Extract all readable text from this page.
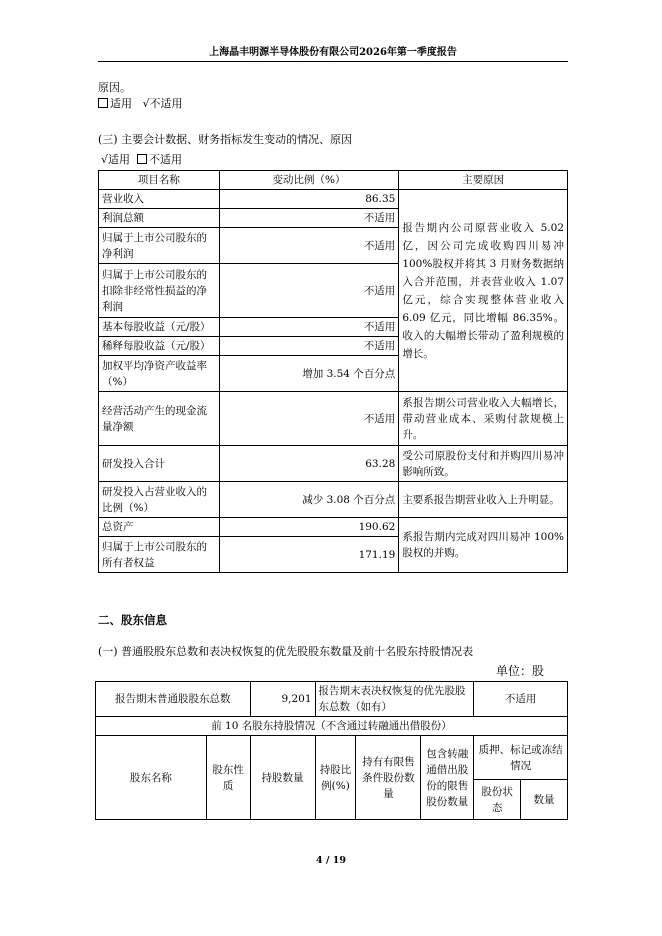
上海晶丰明源半导体股份有限公司2026年第一季度报告
原因。
适用 √不适用
(三) 主要会计数据、财务指标发生变动的情况、原因
√适用 不适用
项目名称	变动比例（%）	主要原因
营业收入	86.35	报告期内公司原营业收入 5.02 亿，因公司完成收购四川易冲 100%股权并将其 3 月财务数据纳入合并范围，并表营业收入 1.07 亿元，综合实现整体营业收入 6.09 亿元，同比增幅 86.35%。收入的大幅增长带动了盈利规模的增长。
利润总额	不适用	
归属于上市公司股东的净利润	不适用	
归属于上市公司股东的扣除非经常性损益的净利润	不适用	
基本每股收益（元/股）	不适用	
稀释每股收益（元/股）	不适用	
加权平均净资产收益率（%）	增加 3.54 个百分点	
经营活动产生的现金流量净额	不适用	系报告期公司营业收入大幅增长，带动营业成本、采购付款规模上升。
研发投入合计	63.28	受公司原股份支付和并购四川易冲影响所致。
研发投入占营业收入的比例（%）	减少 3.08 个百分点	主要系报告期营业收入上升明显。
总资产	190.62	系报告期内完成对四川易冲 100%股权的并购。
归属于上市公司股东的所有者权益	171.19	
二、股东信息
(一) 普通股股东总数和表决权恢复的优先股股东数量及前十名股东持股情况表
单位：股
报告期末普通股股东总数		9,201	报告期末表决权恢复的优先股股东总数（如有）			不适用	
前 10 名股东持股情况（不含通过转融通出借股份）							
股东名称	股东性质	持股数量	持股比例(%)	持有有限售条件股份数量	包含转融通借出股份的限售股份数量	质押、标记或冻结情况	
						股份状态	数量
4 / 19
